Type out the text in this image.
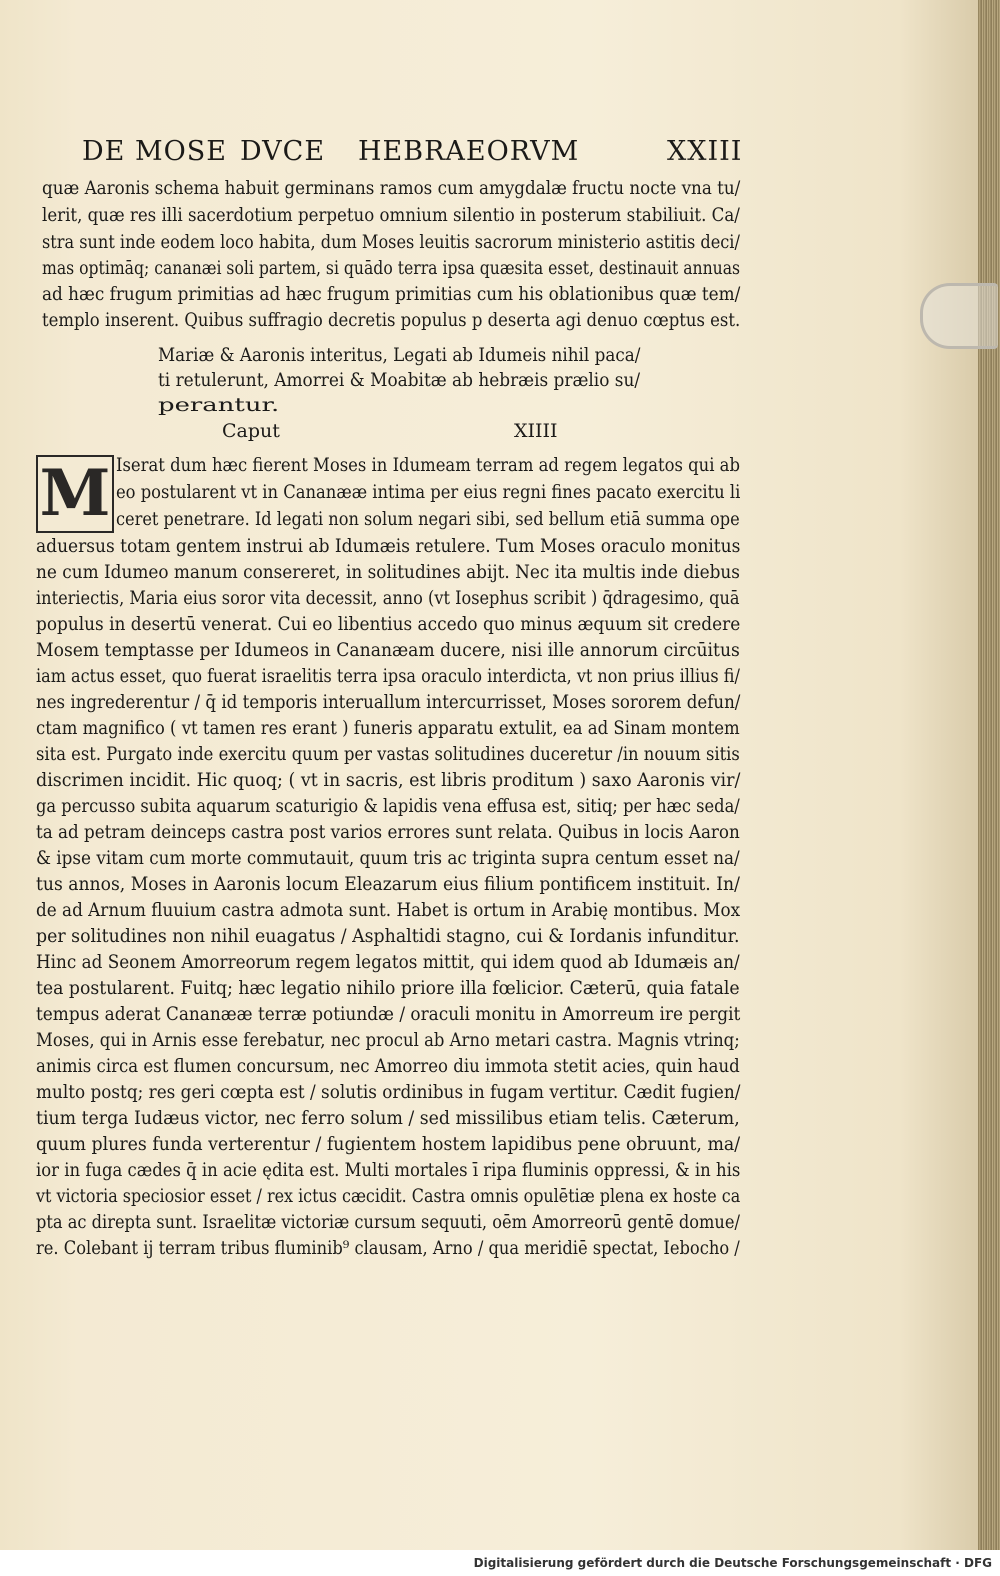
DE MOSE DVCE HEBRAEORVM	XXIII
quæ Aaronis schema habuit germinans ramos cum amygdalæ fructu nocte vna tu/
lerit, quæ res illi sacerdotium perpetuo omnium silentio in posterum stabiliuit. Ca/
stra sunt inde eodem loco habita, dum Moses leuitis sacrorum ministerio astitis deci/
mas optimāq; cananæi soli partem, si quādo terra ipsa quæsita esset, destinauit annuas
ad hæc frugum primitias ad hæc frugum primitias cum his oblationibus quæ tem/
templo inserent. Quibus suffragio decretis populus p deserta agi denuo cœptus est.
Mariæ & Aaronis interitus, Legati ab Idumeis nihil paca/
ti retulerunt, Amorrei & Moabitæ ab hebræis prælio su/
perantur.
Caput	XIIII
M Iserat dum hæc fierent Moses in Idumeam terram ad regem legatos qui ab
eo postularent vt in Cananææ intima per eius regni fines pacato exercitu li
ceret penetrare. Id legati non solum negari sibi, sed bellum etiā summa ope
aduersus totam gentem instrui ab Idumæis retulere. Tum Moses oraculo monitus
ne cum Idumeo manum consereret, in solitudines abijt. Nec ita multis inde diebus
interiectis, Maria eius soror vita decessit, anno (vt Iosephus scribit ) q̄dragesimo, quā
populus in desertū venerat. Cui eo libentius accedo quo minus æquum sit credere
Mosem temptasse per Idumeos in Cananæam ducere, nisi ille annorum circūitus
iam actus esset, quo fuerat israelitis terra ipsa oraculo interdicta, vt non prius illius fi/
nes ingrederentur / q̄ id temporis interuallum intercurrisset, Moses sororem defun/
ctam magnifico ( vt tamen res erant ) funeris apparatu extulit, ea ad Sinam montem
sita est. Purgato inde exercitu quum per vastas solitudines duceretur /in nouum sitis
discrimen incidit. Hic quoq; ( vt in sacris, est libris proditum ) saxo Aaronis vir/
ga percusso subita aquarum scaturigio & lapidis vena effusa est, sitiq; per hæc seda/
ta ad petram deinceps castra post varios errores sunt relata. Quibus in locis Aaron
& ipse vitam cum morte commutauit, quum tris ac triginta supra centum esset na/
tus annos, Moses in Aaronis locum Eleazarum eius filium pontificem instituit. In/
de ad Arnum fluuium castra admota sunt. Habet is ortum in Arabię montibus. Mox
per solitudines non nihil euagatus / Asphaltidi stagno, cui & Iordanis infunditur.
Hinc ad Seonem Amorreorum regem legatos mittit, qui idem quod ab Idumæis an/
tea postularent. Fuitq; hæc legatio nihilo priore illa fœlicior. Cæterū, quia fatale
tempus aderat Cananææ terræ potiundæ / oraculi monitu in Amorreum ire pergit
Moses, qui in Arnis esse ferebatur, nec procul ab Arno metari castra. Magnis vtrinq;
animis circa est flumen concursum, nec Amorreo diu immota stetit acies, quin haud
multo postq; res geri cœpta est / solutis ordinibus in fugam vertitur. Cædit fugien/
tium terga Iudæus victor, nec ferro solum / sed missilibus etiam telis. Cæterum,
quum plures funda verterentur / fugientem hostem lapidibus pene obruunt, ma/
ior in fuga cædes q̄ in acie ędita est. Multi mortales ī ripa fluminis oppressi, & in his
vt victoria speciosior esset / rex ictus cæcidit. Castra omnis opulētiæ plena ex hoste ca
pta ac direpta sunt. Israelitæ victoriæ cursum sequuti, oēm Amorreorū gentē domue/
re. Colebant ij terram tribus fluminib⁹ clausam, Arno / qua meridiē spectat, Iebocho /
Digitalisierung gefördert durch die Deutsche Forschungsgemeinschaft · DFG
